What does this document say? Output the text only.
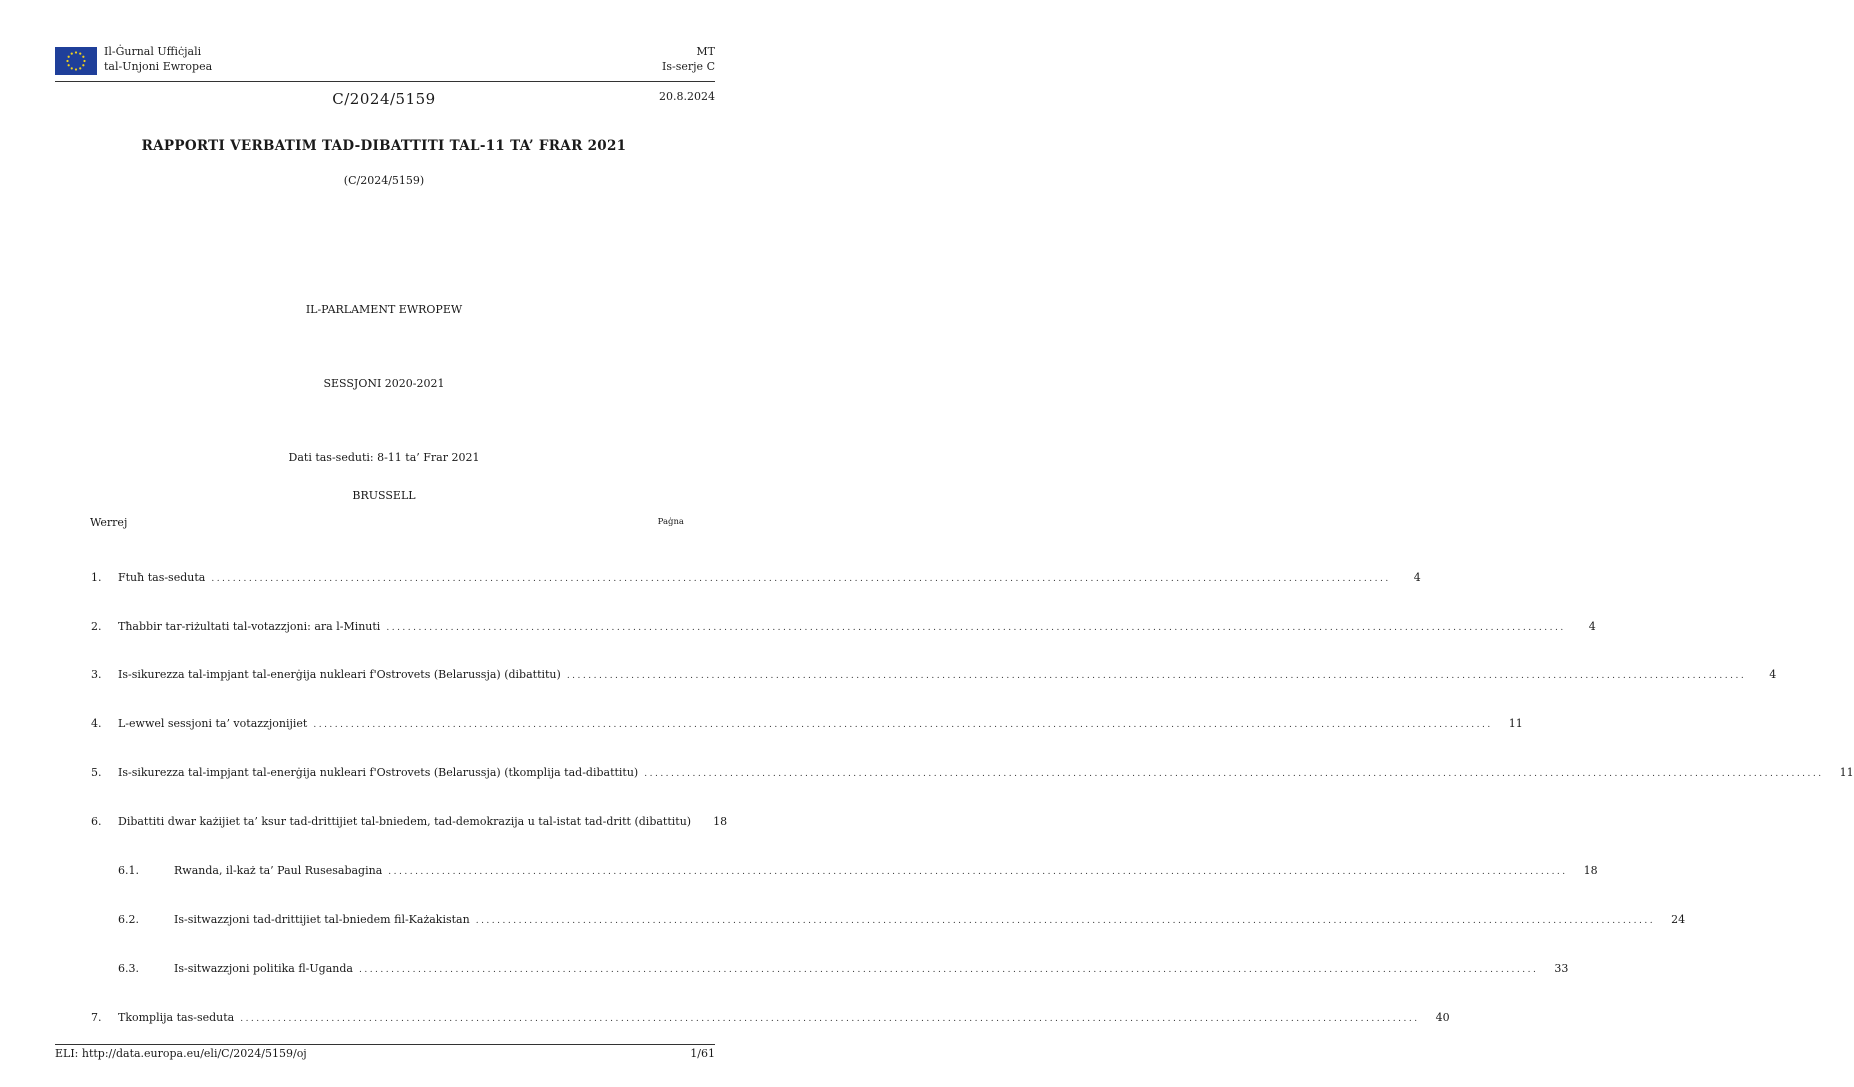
Il-Ġurnal Uffiċjali
tal-Unjoni Ewropea
MT
Is-serje C
C/2024/5159	20.8.2024
RAPPORTI VERBATIM TAD-DIBATTITI TAL-11 TA’ FRAR 2021
(C/2024/5159)
IL-PARLAMENT EWROPEW
SESSJONI 2020-2021
Dati tas-seduti: 8-11 ta’ Frar 2021
BRUSSELL
Werrej	Paġna
1.	Ftuħ tas-seduta ............................................................................................................................................................................................................................	4
2.	Tħabbir tar-riżultati tal-votazzjoni: ara l-Minuti ............................................................................................................................................................................................................................	4
3.	Is-sikurezza tal-impjant tal-enerġija nukleari f'Ostrovets (Belarussja) (dibattitu) ............................................................................................................................................................................................................................	4
4.	L-ewwel sessjoni ta’ votazzjonijiet ............................................................................................................................................................................................................................	11
5.	Is-sikurezza tal-impjant tal-enerġija nukleari f'Ostrovets (Belarussja) (tkomplija tad-dibattitu) ............................................................................................................................................................................................................................	11
6.	Dibattiti dwar każijiet ta’ ksur tad-drittijiet tal-bniedem, tad-demokrazija u tal-istat tad-dritt (dibattitu)	18
6.1.	Rwanda, il-każ ta’ Paul Rusesabagina ............................................................................................................................................................................................................................	18
6.2.	Is-sitwazzjoni tad-drittijiet tal-bniedem fil-Każakistan ............................................................................................................................................................................................................................	24
6.3.	Is-sitwazzjoni politika fl-Uganda ............................................................................................................................................................................................................................	33
7.	Tkomplija tas-seduta ............................................................................................................................................................................................................................	40
ELI: http://data.europa.eu/eli/C/2024/5159/oj	1/61
